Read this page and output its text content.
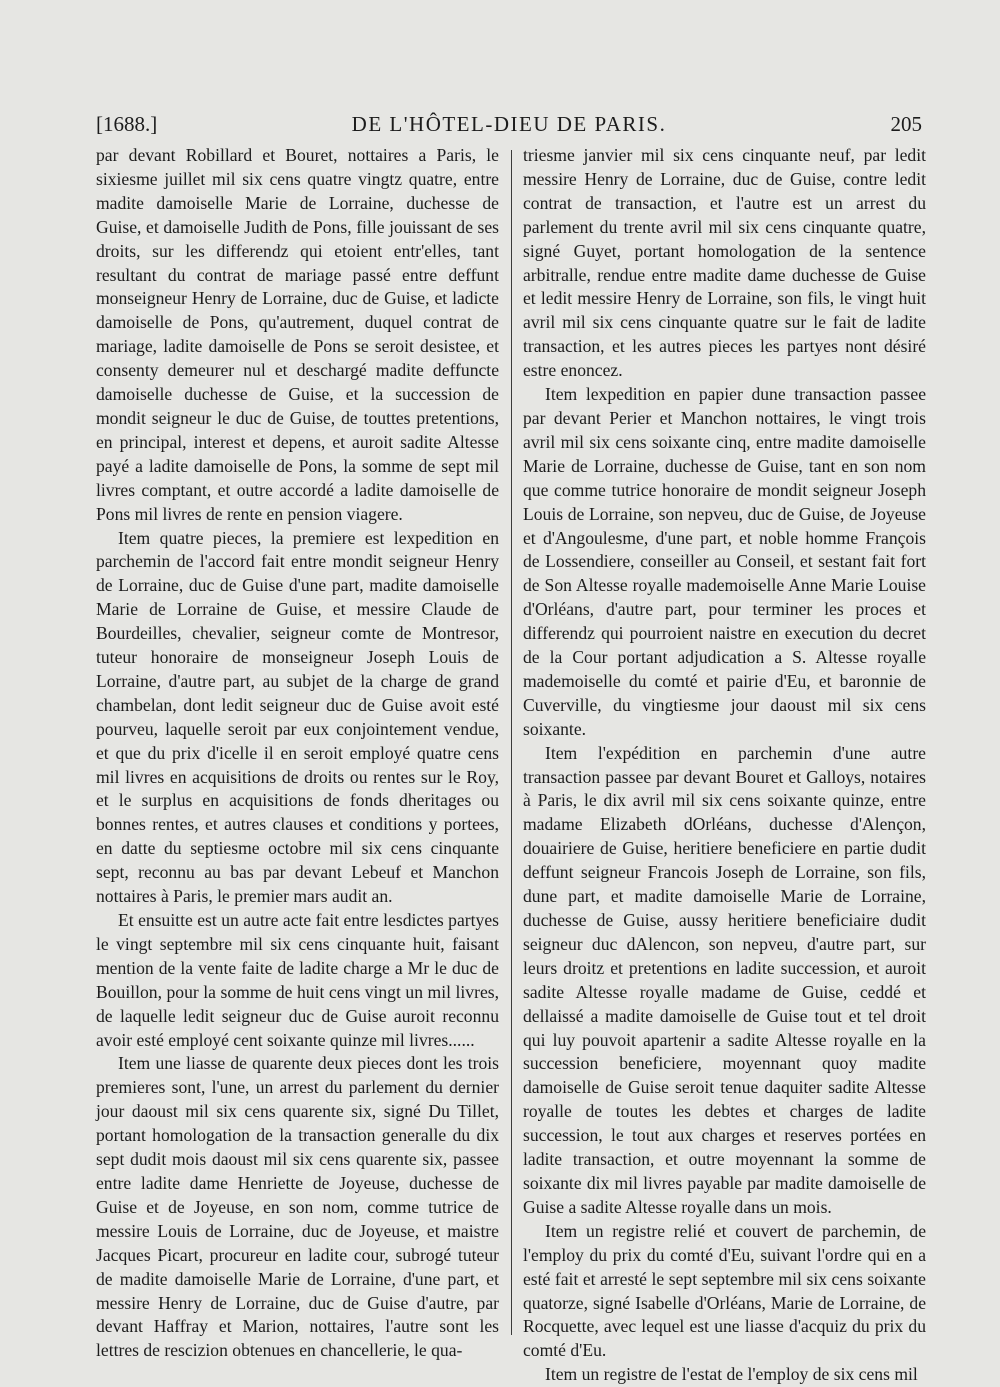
[1688.]	DE L'HÔTEL-DIEU DE PARIS.	205

par devant Robillard et Bouret, nottaires a Paris, le sixiesme juillet mil six cens quatre vingtz quatre, entre madite damoiselle Marie de Lorraine, duchesse de Guise, et damoiselle Judith de Pons, fille jouissant de ses droits, sur les differendz qui etoient entr'elles, tant resultant du contrat de mariage passé entre deffunt monseigneur Henry de Lorraine, duc de Guise, et ladicte damoiselle de Pons, qu'autrement, duquel contrat de mariage, ladite damoiselle de Pons se seroit desistee, et consenty demeurer nul et deschargé madite deffuncte damoiselle duchesse de Guise, et la succession de mondit seigneur le duc de Guise, de touttes pretentions, en principal, interest et depens, et auroit sadite Altesse payé a ladite damoiselle de Pons, la somme de sept mil livres comptant, et outre accordé a ladite damoiselle de Pons mil livres de rente en pension viagere.

Item quatre pieces, la premiere est lexpedition en parchemin de l'accord fait entre mondit seigneur Henry de Lorraine, duc de Guise d'une part, madite damoiselle Marie de Lorraine de Guise, et messire Claude de Bourdeilles, chevalier, seigneur comte de Montresor, tuteur honoraire de monseigneur Joseph Louis de Lorraine, d'autre part, au subjet de la charge de grand chambelan, dont ledit seigneur duc de Guise avoit esté pourveu, laquelle seroit par eux conjointement vendue, et que du prix d'icelle il en seroit employé quatre cens mil livres en acquisitions de droits ou rentes sur le Roy, et le surplus en acquisitions de fonds dheritages ou bonnes rentes, et autres clauses et conditions y portees, en datte du septiesme octobre mil six cens cinquante sept, reconnu au bas par devant Lebeuf et Manchon nottaires à Paris, le premier mars audit an.

Et ensuitte est un autre acte fait entre lesdictes partyes le vingt septembre mil six cens cinquante huit, faisant mention de la vente faite de ladite charge a Mr le duc de Bouillon, pour la somme de huit cens vingt un mil livres, de laquelle ledit seigneur duc de Guise auroit reconnu avoir esté employé cent soixante quinze mil livres......

Item une liasse de quarente deux pieces dont les trois premieres sont, l'une, un arrest du parlement du dernier jour daoust mil six cens quarente six, signé Du Tillet, portant homologation de la transaction generalle du dix sept dudit mois daoust mil six cens quarente six, passee entre ladite dame Henriette de Joyeuse, duchesse de Guise et de Joyeuse, en son nom, comme tutrice de messire Louis de Lorraine, duc de Joyeuse, et maistre Jacques Picart, procureur en ladite cour, subrogé tuteur de madite damoiselle Marie de Lorraine, d'une part, et messire Henry de Lorraine, duc de Guise d'autre, par devant Haffray et Marion, nottaires, l'autre sont les lettres de rescizion obtenues en chancellerie, le qua-

triesme janvier mil six cens cinquante neuf, par ledit messire Henry de Lorraine, duc de Guise, contre ledit contrat de transaction, et l'autre est un arrest du parlement du trente avril mil six cens cinquante quatre, signé Guyet, portant homologation de la sentence arbitralle, rendue entre madite dame duchesse de Guise et ledit messire Henry de Lorraine, son fils, le vingt huit avril mil six cens cinquante quatre sur le fait de ladite transaction, et les autres pieces les partyes nont désiré estre enoncez.

Item lexpedition en papier dune transaction passee par devant Perier et Manchon nottaires, le vingt trois avril mil six cens soixante cinq, entre madite damoiselle Marie de Lorraine, duchesse de Guise, tant en son nom que comme tutrice honoraire de mondit seigneur Joseph Louis de Lorraine, son nepveu, duc de Guise, de Joyeuse et d'Angoulesme, d'une part, et noble homme François de Lossendiere, conseiller au Conseil, et sestant fait fort de Son Altesse royalle mademoiselle Anne Marie Louise d'Orléans, d'autre part, pour terminer les proces et differendz qui pourroient naistre en execution du decret de la Cour portant adjudication a S. Altesse royalle mademoiselle du comté et pairie d'Eu, et baronnie de Cuverville, du vingtiesme jour daoust mil six cens soixante.

Item l'expédition en parchemin d'une autre transaction passee par devant Bouret et Galloys, notaires à Paris, le dix avril mil six cens soixante quinze, entre madame Elizabeth dOrléans, duchesse d'Alençon, douairiere de Guise, heritiere beneficiere en partie dudit deffunt seigneur Francois Joseph de Lorraine, son fils, dune part, et madite damoiselle Marie de Lorraine, duchesse de Guise, aussy heritiere beneficiaire dudit seigneur duc dAlencon, son nepveu, d'autre part, sur leurs droitz et pretentions en ladite succession, et auroit sadite Altesse royalle madame de Guise, ceddé et dellaissé a madite damoiselle de Guise tout et tel droit qui luy pouvoit apartenir a sadite Altesse royalle en la succession beneficiere, moyennant quoy madite damoiselle de Guise seroit tenue daquiter sadite Altesse royalle de toutes les debtes et charges de ladite succession, le tout aux charges et reserves portées en ladite transaction, et outre moyennant la somme de soixante dix mil livres payable par madite damoiselle de Guise a sadite Altesse royalle dans un mois.

Item un registre relié et couvert de parchemin, de l'employ du prix du comté d'Eu, suivant l'ordre qui en a esté fait et arresté le sept septembre mil six cens soixante quatorze, signé Isabelle d'Orléans, Marie de Lorraine, de Rocquette, avec lequel est une liasse d'acquiz du prix du comté d'Eu.

Item un registre de l'estat de l'employ de six cens mil
